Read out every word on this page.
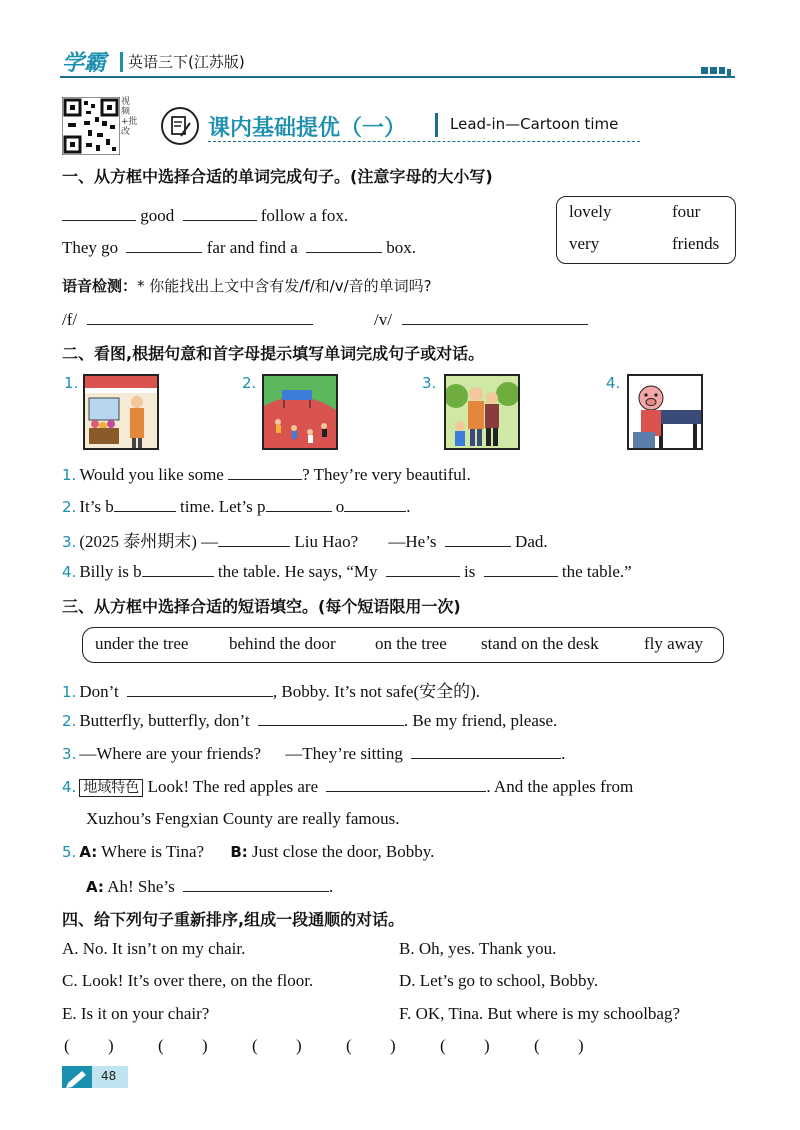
学霸 英语三下(江苏版)
视频+批改	课内基础提优（一）	Lead-in—Cartoon time
一、从方框中选择合适的单词完成句子。(注意字母的大小写)
good	follow a fox.
They go	far and find a	box.
lovely	four
very	friends
语音检测：* 你能找出上文中含有发/f/和/v/音的单词吗?
/f/	/v/
二、看图,根据句意和首字母提示填写单词完成句子或对话。
1.	2.	3.	4.
1. Would you like some	? They’re very beautiful.
2. It’s b	time. Let’s p	o	.
3. (2025 泰州期末) —	Liu Hao? —He’s	Dad.
4. Billy is b	the table. He says, “My	is	the table.”
三、从方框中选择合适的短语填空。(每个短语限用一次)
under the tree behind the door on the tree stand on the desk	fly away
1. Don’t	, Bobby. It’s not safe(安全的).
2. Butterfly, butterfly, don’t	. Be my friend, please.
3. —Where are your friends? —They’re sitting	.
4. 地域特色 Look! The red apples are	. And the apples from
Xuzhou’s Fengxian County are really famous.
5. A: Where is Tina? B: Just close the door, Bobby.
A: Ah! She’s	.
四、给下列句子重新排序,组成一段通顺的对话。
A. No. It isn’t on my chair.	B. Oh, yes. Thank you.
C. Look! It’s over there, on the floor.	D. Let’s go to school, Bobby.
E. Is it on your chair?	F. OK, Tina. But where is my schoolbag?
( )	( )	( )	( )	( )	( )
48
